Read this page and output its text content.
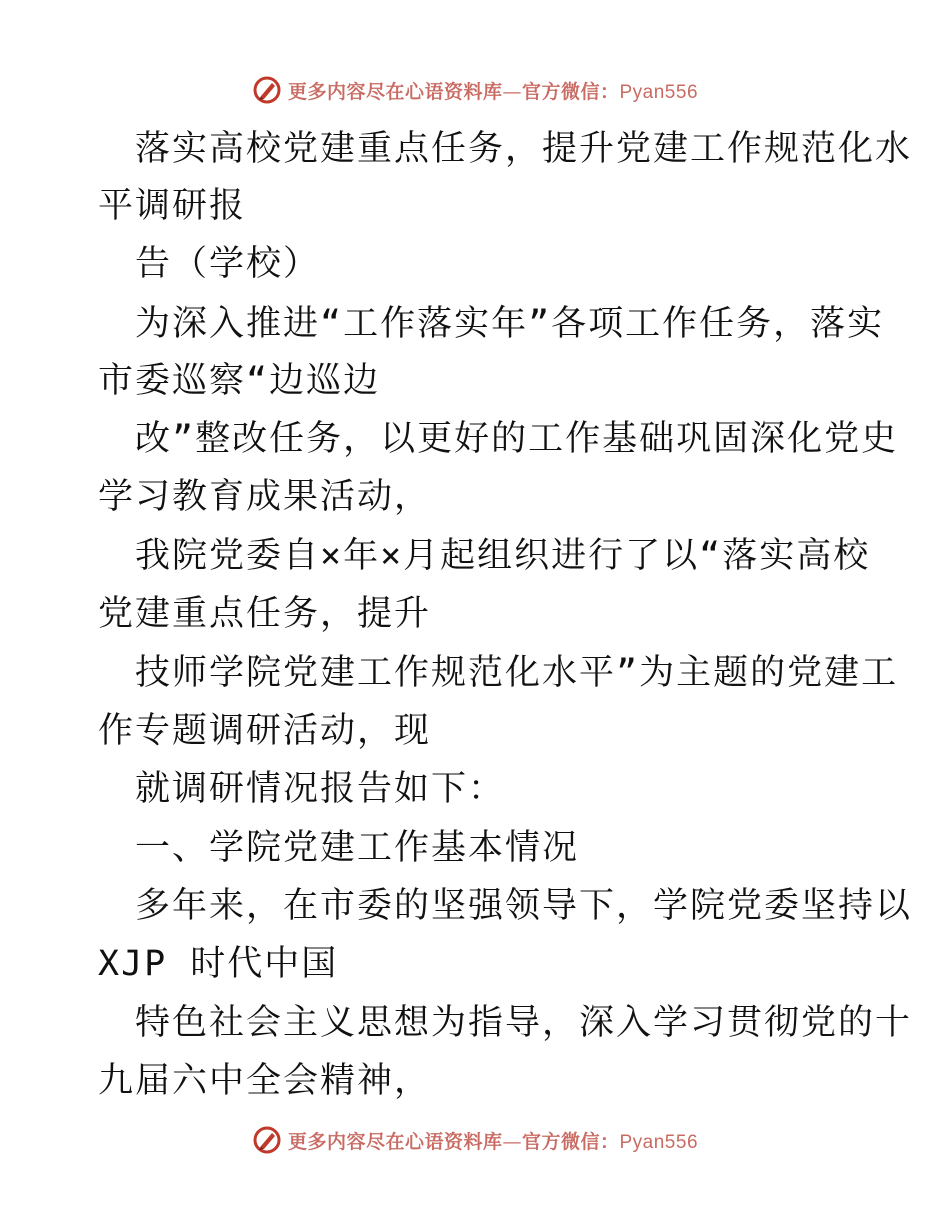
更多内容尽在心语资料库—官方微信：Pyan556
落实高校党建重点任务，提升党建工作规范化水
平调研报
告（学校）
为深入推进“工作落实年”各项工作任务，落实
市委巡察“边巡边
改”整改任务，以更好的工作基础巩固深化党史
学习教育成果活动，
我院党委自×年×月起组织进行了以“落实高校
党建重点任务，提升
技师学院党建工作规范化水平”为主题的党建工
作专题调研活动，现
就调研情况报告如下：
一、学院党建工作基本情况
多年来，在市委的坚强领导下，学院党委坚持以
XJP 时代中国
特色社会主义思想为指导，深入学习贯彻党的十
九届六中全会精神，
更多内容尽在心语资料库—官方微信：Pyan556
